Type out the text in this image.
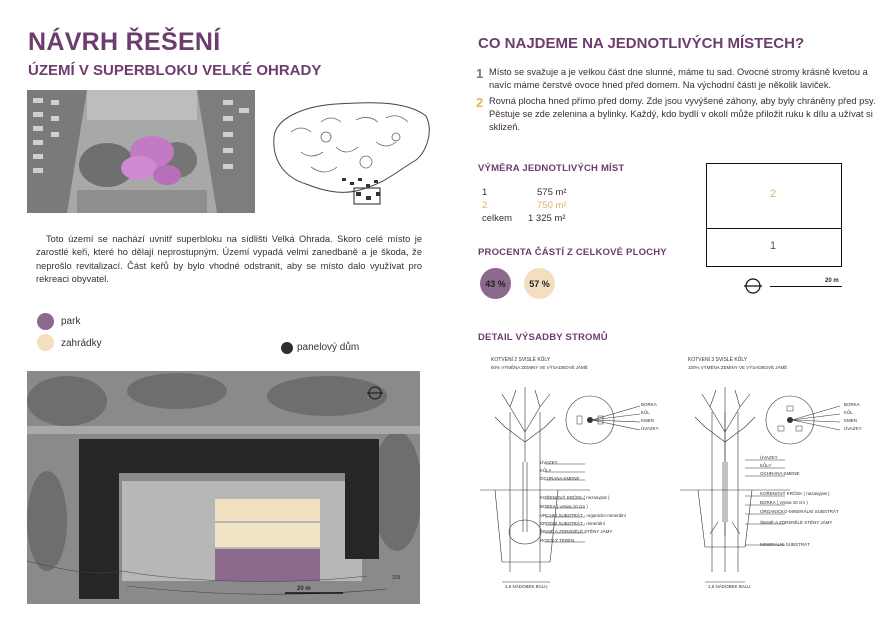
NÁVRH ŘEŠENÍ
ÚZEMÍ V SUPERBLOKU VELKÉ OHRADY
Toto území se nachází uvnitř superbloku na sídlišti Velká Ohrada. Skoro celé místo je zarostlé keři, které ho dělají neprostupným. Území vypadá velmi zanedbaně a je škoda, že neprošlo revitalizací. Část keřů by bylo vhodné odstranit, aby se místo dalo využívat pro rekreaci obyvatel.
park
zahrádky	panelový dům
20 m
328
CO NAJDEME NA JEDNOTLIVÝCH MÍSTECH?
1 Místo se svažuje a je velkou část dne slunné, máme tu sad. Ovocné stromy krásně kvetou a navíc máme čerstvé ovoce hned před domem. Na východní části je několik laviček.
2 Rovná plocha hned přímo před domy. Zde jsou vyvýšené záhony, aby byly chráněny před psy. Pěstuje se zde zelenina a bylinky. Každý, kdo bydlí v okolí může přiložit ruku k dílu a užívat si sklizeň.
VÝMĚRA JEDNOTLIVÝCH MÍST
1	575 m²
2	750 m²
celkem 1 325 m²
PROCENTA ČÁSTÍ Z CELKOVÉ PLOCHY
43 %	57 %
2
1
20 m
DETAIL VÝSADBY STROMŮ
KOTVENÍ 2 SVISLÉ KŮLY
50% VÝMĚNA ZEMINY VE VÝSADBOVÉ JÁMĚ
BORKA
KŮL
KMEN
ÚVAZKY
ÚVAZKY
KŮLY
OCHRANA KMENE
KOŘENOVÝ KRČEK ( nezasypat )
BORKA ( vrstva 10 cm )
VRCHNÍ SUBSTRÁT - organicko-minerální
SPODNÍ SUBSTRÁT - minerální
ŠIKMÉ A ZDRSNĚLÉ STĚNY JÁMY
ROSTLÝ TERÉN
1,5 NÁDOBEK BALU
KOTVENÍ 3 SVISLÉ KŮLY
100% VÝMĚNA ZEMINY VE VÝSADBOVÉ JÁMĚ
BORKA
KŮL
KMEN
ÚVAZKY
ÚVAZKY
KŮLY
OCHRANA KMENE
KOŘENOVÝ KRČEK ( nezasypat )
BORKA ( vrstva 10 cm )
ORGANICKO-MINERÁLNÍ SUBSTRÁT
ŠIKMÉ A ZDRSNĚLÉ STĚNY JÁMY
MINERÁLNÍ SUBSTRÁT
1,5 NÁDOBEK BALU
